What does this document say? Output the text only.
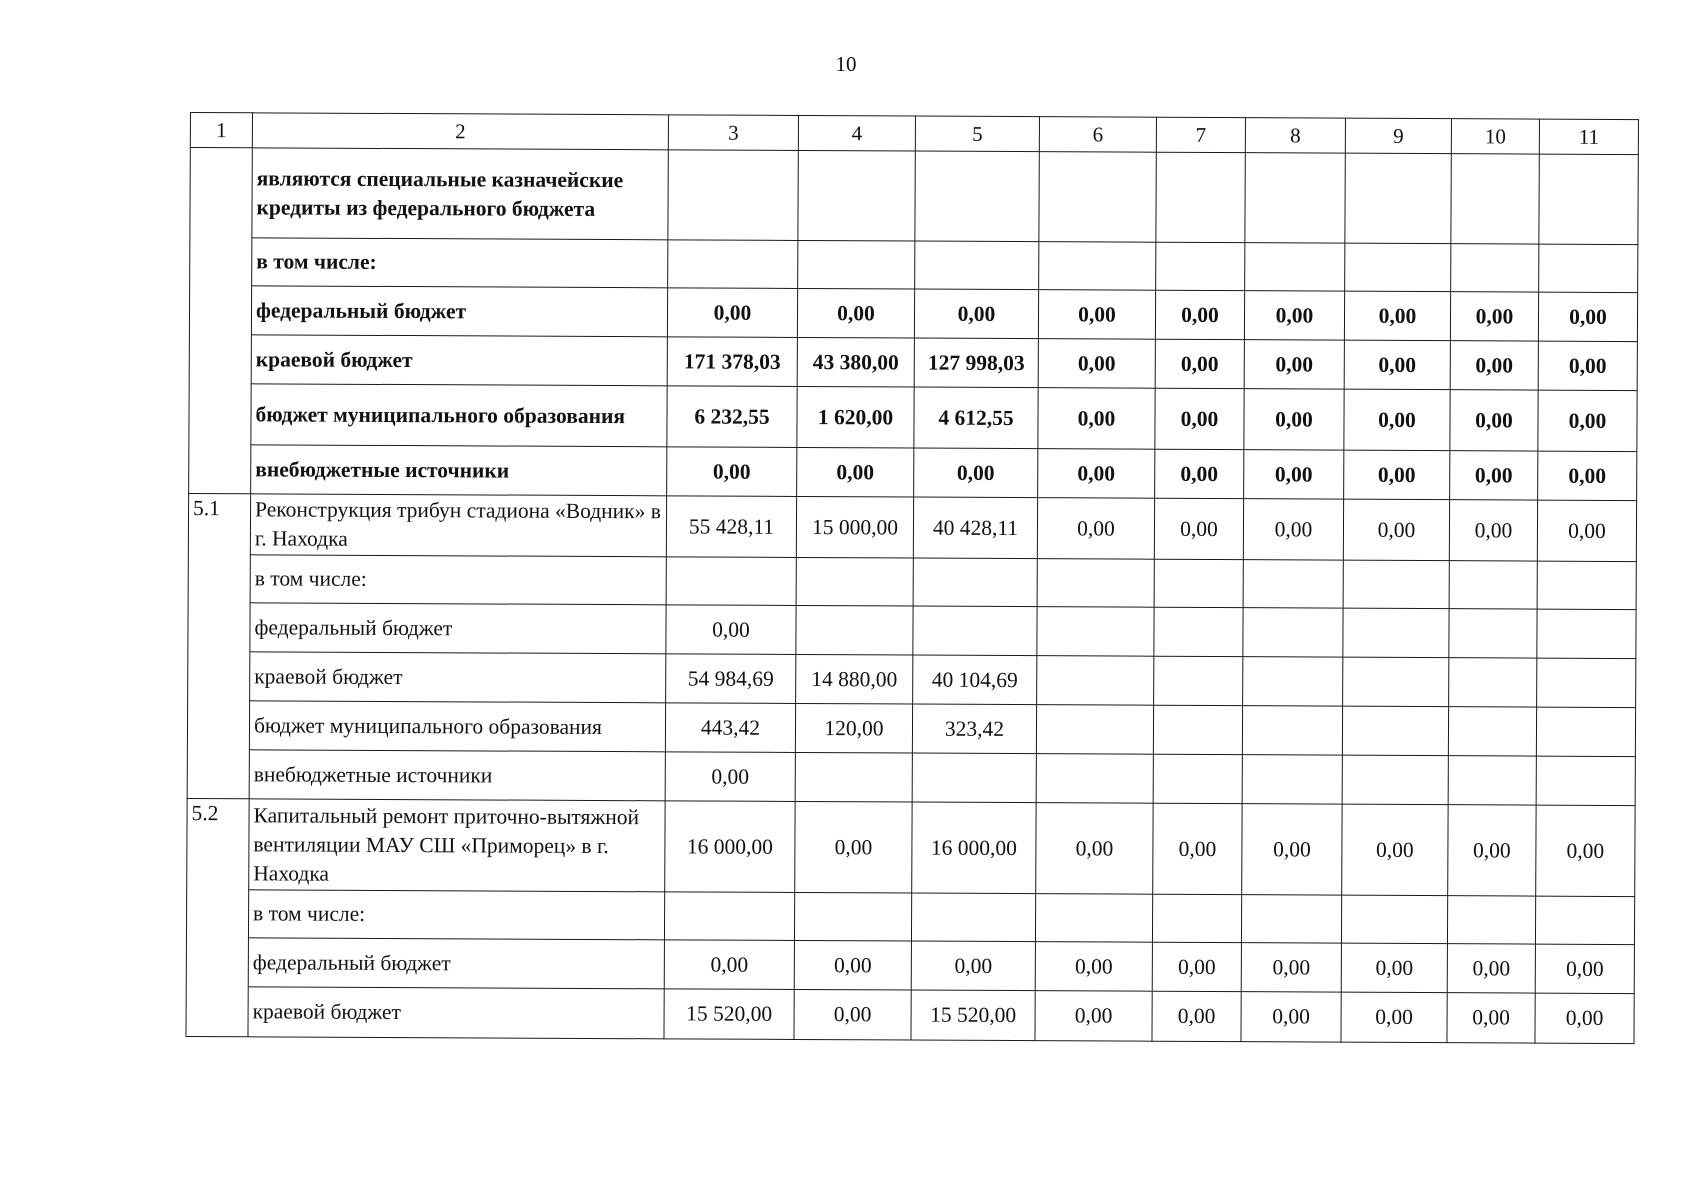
10
1	2	3	4	5	6	7	8	9	10	11
	являются специальные казначейские кредиты из федерального бюджета									
	в том числе:									
	федеральный бюджет	0,00	0,00	0,00	0,00	0,00	0,00	0,00	0,00	0,00
	краевой бюджет	171 378,03	43 380,00	127 998,03	0,00	0,00	0,00	0,00	0,00	0,00
	бюджет муниципального образования	6 232,55	1 620,00	4 612,55	0,00	0,00	0,00	0,00	0,00	0,00
	внебюджетные источники	0,00	0,00	0,00	0,00	0,00	0,00	0,00	0,00	0,00
5.1	Реконструкция трибун стадиона «Водник» в г. Находка	55 428,11	15 000,00	40 428,11	0,00	0,00	0,00	0,00	0,00	0,00
	в том числе:									
	федеральный бюджет	0,00								
	краевой бюджет	54 984,69	14 880,00	40 104,69						
	бюджет муниципального образования	443,42	120,00	323,42						
	внебюджетные источники	0,00								
5.2	Капитальный ремонт приточно-вытяжной вентиляции МАУ СШ «Приморец» в г. Находка	16 000,00	0,00	16 000,00	0,00	0,00	0,00	0,00	0,00	0,00
	в том числе:									
	федеральный бюджет	0,00	0,00	0,00	0,00	0,00	0,00	0,00	0,00	0,00
	краевой бюджет	15 520,00	0,00	15 520,00	0,00	0,00	0,00	0,00	0,00	0,00
